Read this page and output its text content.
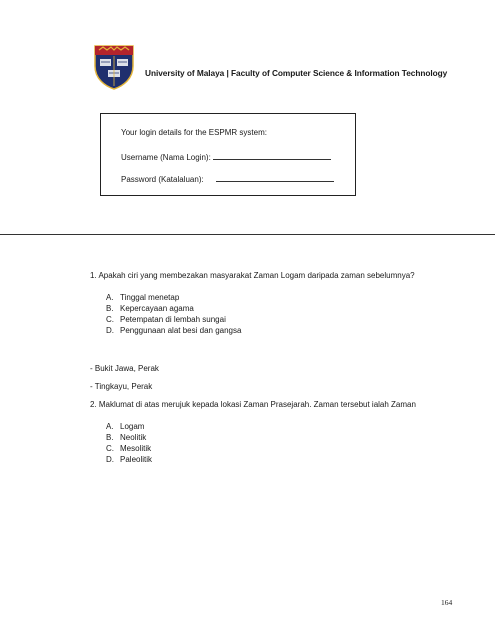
University of Malaya | Faculty of Computer Science & Information Technology
Your login details for the ESPMR system:
Username (Nama Login):
Password (Katalaluan):
1. Apakah ciri yang membezakan masyarakat Zaman Logam daripada zaman sebelumnya?
A. Tinggal menetap
B. Kepercayaan agama
C. Petempatan di lembah sungai
D. Penggunaan alat besi dan gangsa
- Bukit Jawa, Perak
- Tingkayu, Perak
2. Maklumat di atas merujuk kepada lokasi Zaman Prasejarah. Zaman tersebut ialah Zaman
A. Logam
B. Neolitik
C. Mesolitik
D. Paleolitik
164
